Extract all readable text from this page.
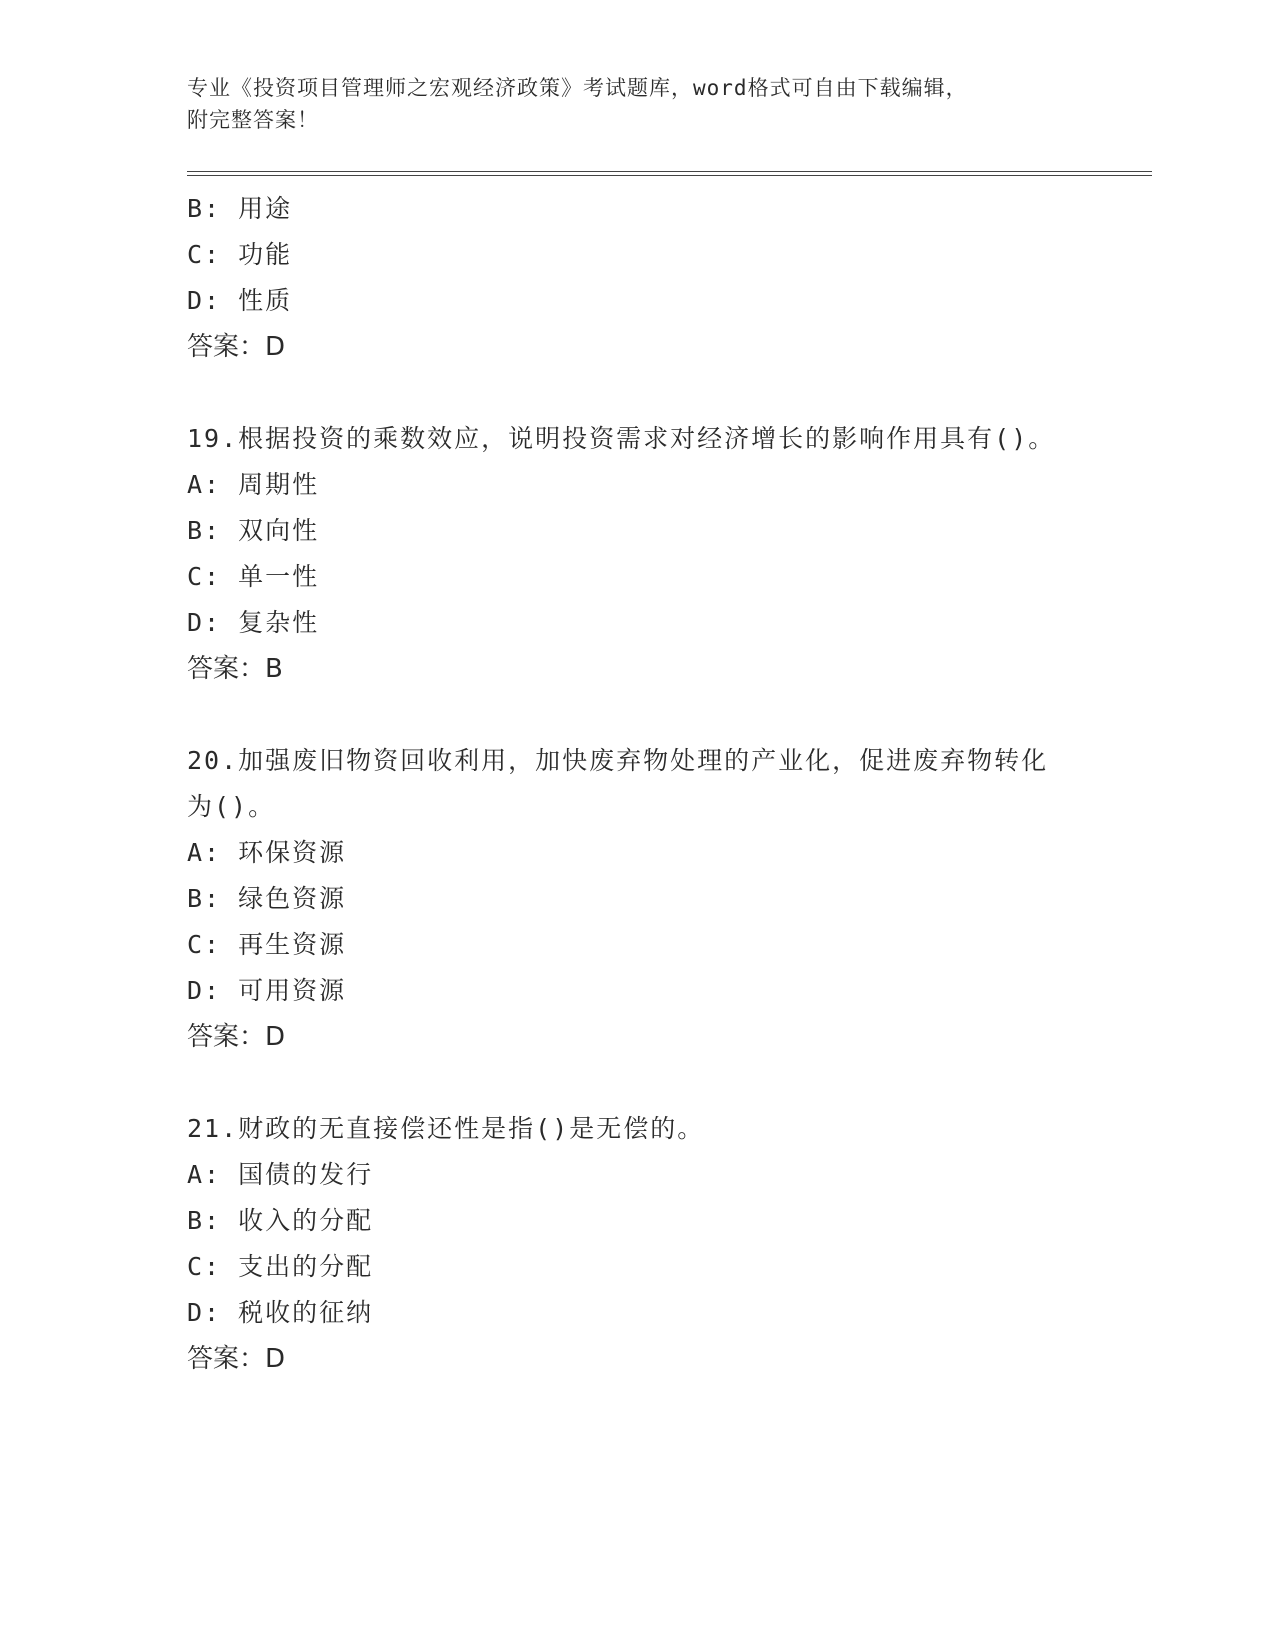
专业《投资项目管理师之宏观经济政策》考试题库，word格式可自由下载编辑，
附完整答案！
B: 用途
C: 功能
D: 性质
答案：D
19.根据投资的乘数效应，说明投资需求对经济增长的影响作用具有()。
A: 周期性
B: 双向性
C: 单一性
D: 复杂性
答案：B
20.加强废旧物资回收利用，加快废弃物处理的产业化，促进废弃物转化为()。
A: 环保资源
B: 绿色资源
C: 再生资源
D: 可用资源
答案：D
21.财政的无直接偿还性是指()是无偿的。
A: 国债的发行
B: 收入的分配
C: 支出的分配
D: 税收的征纳
答案：D
